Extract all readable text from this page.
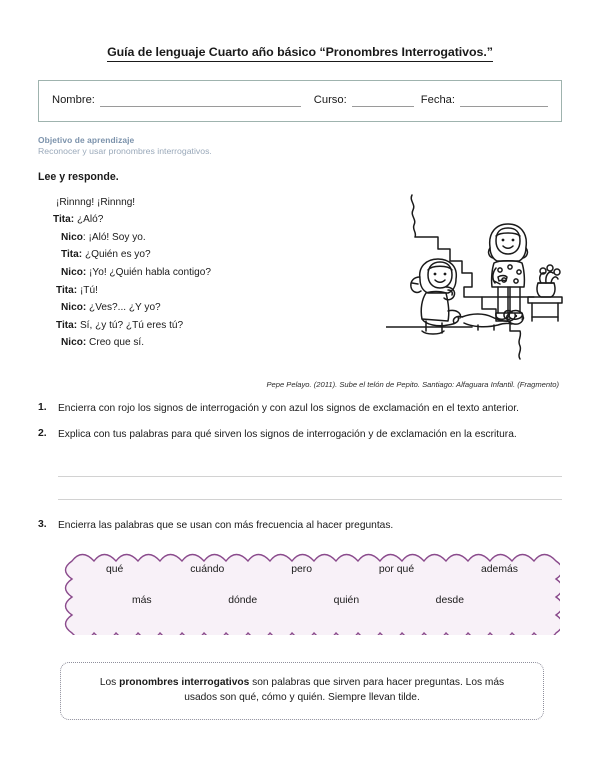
Guía de lenguaje Cuarto año básico “Pronombres Interrogativos.”
Nombre:	Curso:	Fecha:
Objetivo de aprendizaje
Reconocer y usar pronombres interrogativos.
Lee y responde.
¡Rinnng! ¡Rinnng!
Tita: ¿Aló?
Nico: ¡Aló! Soy yo.
Tita: ¿Quién es yo?
Nico: ¡Yo! ¿Quién habla contigo?
Tita: ¡Tú!
Nico: ¿Ves?... ¿Y yo?
Tita: Sí, ¿y tú? ¿Tú eres tú?
Nico: Creo que sí.
Pepe Pelayo. (2011). Sube el telón de Pepito. Santiago: Alfaguara Infantil. (Fragmento)
1.	Encierra con rojo los signos de interrogación y con azul los signos de exclamación en el texto anterior.
2.	Explica con tus palabras para qué sirven los signos de interrogación y de exclamación en la escritura.
3.	Encierra las palabras que se usan con más frecuencia al hacer preguntas.
qué	cuándo	pero	por qué	además
más	dónde	quién	desde
Los pronombres interrogativos son palabras que sirven para hacer preguntas. Los más usados son qué, cómo y quién. Siempre llevan tilde.
